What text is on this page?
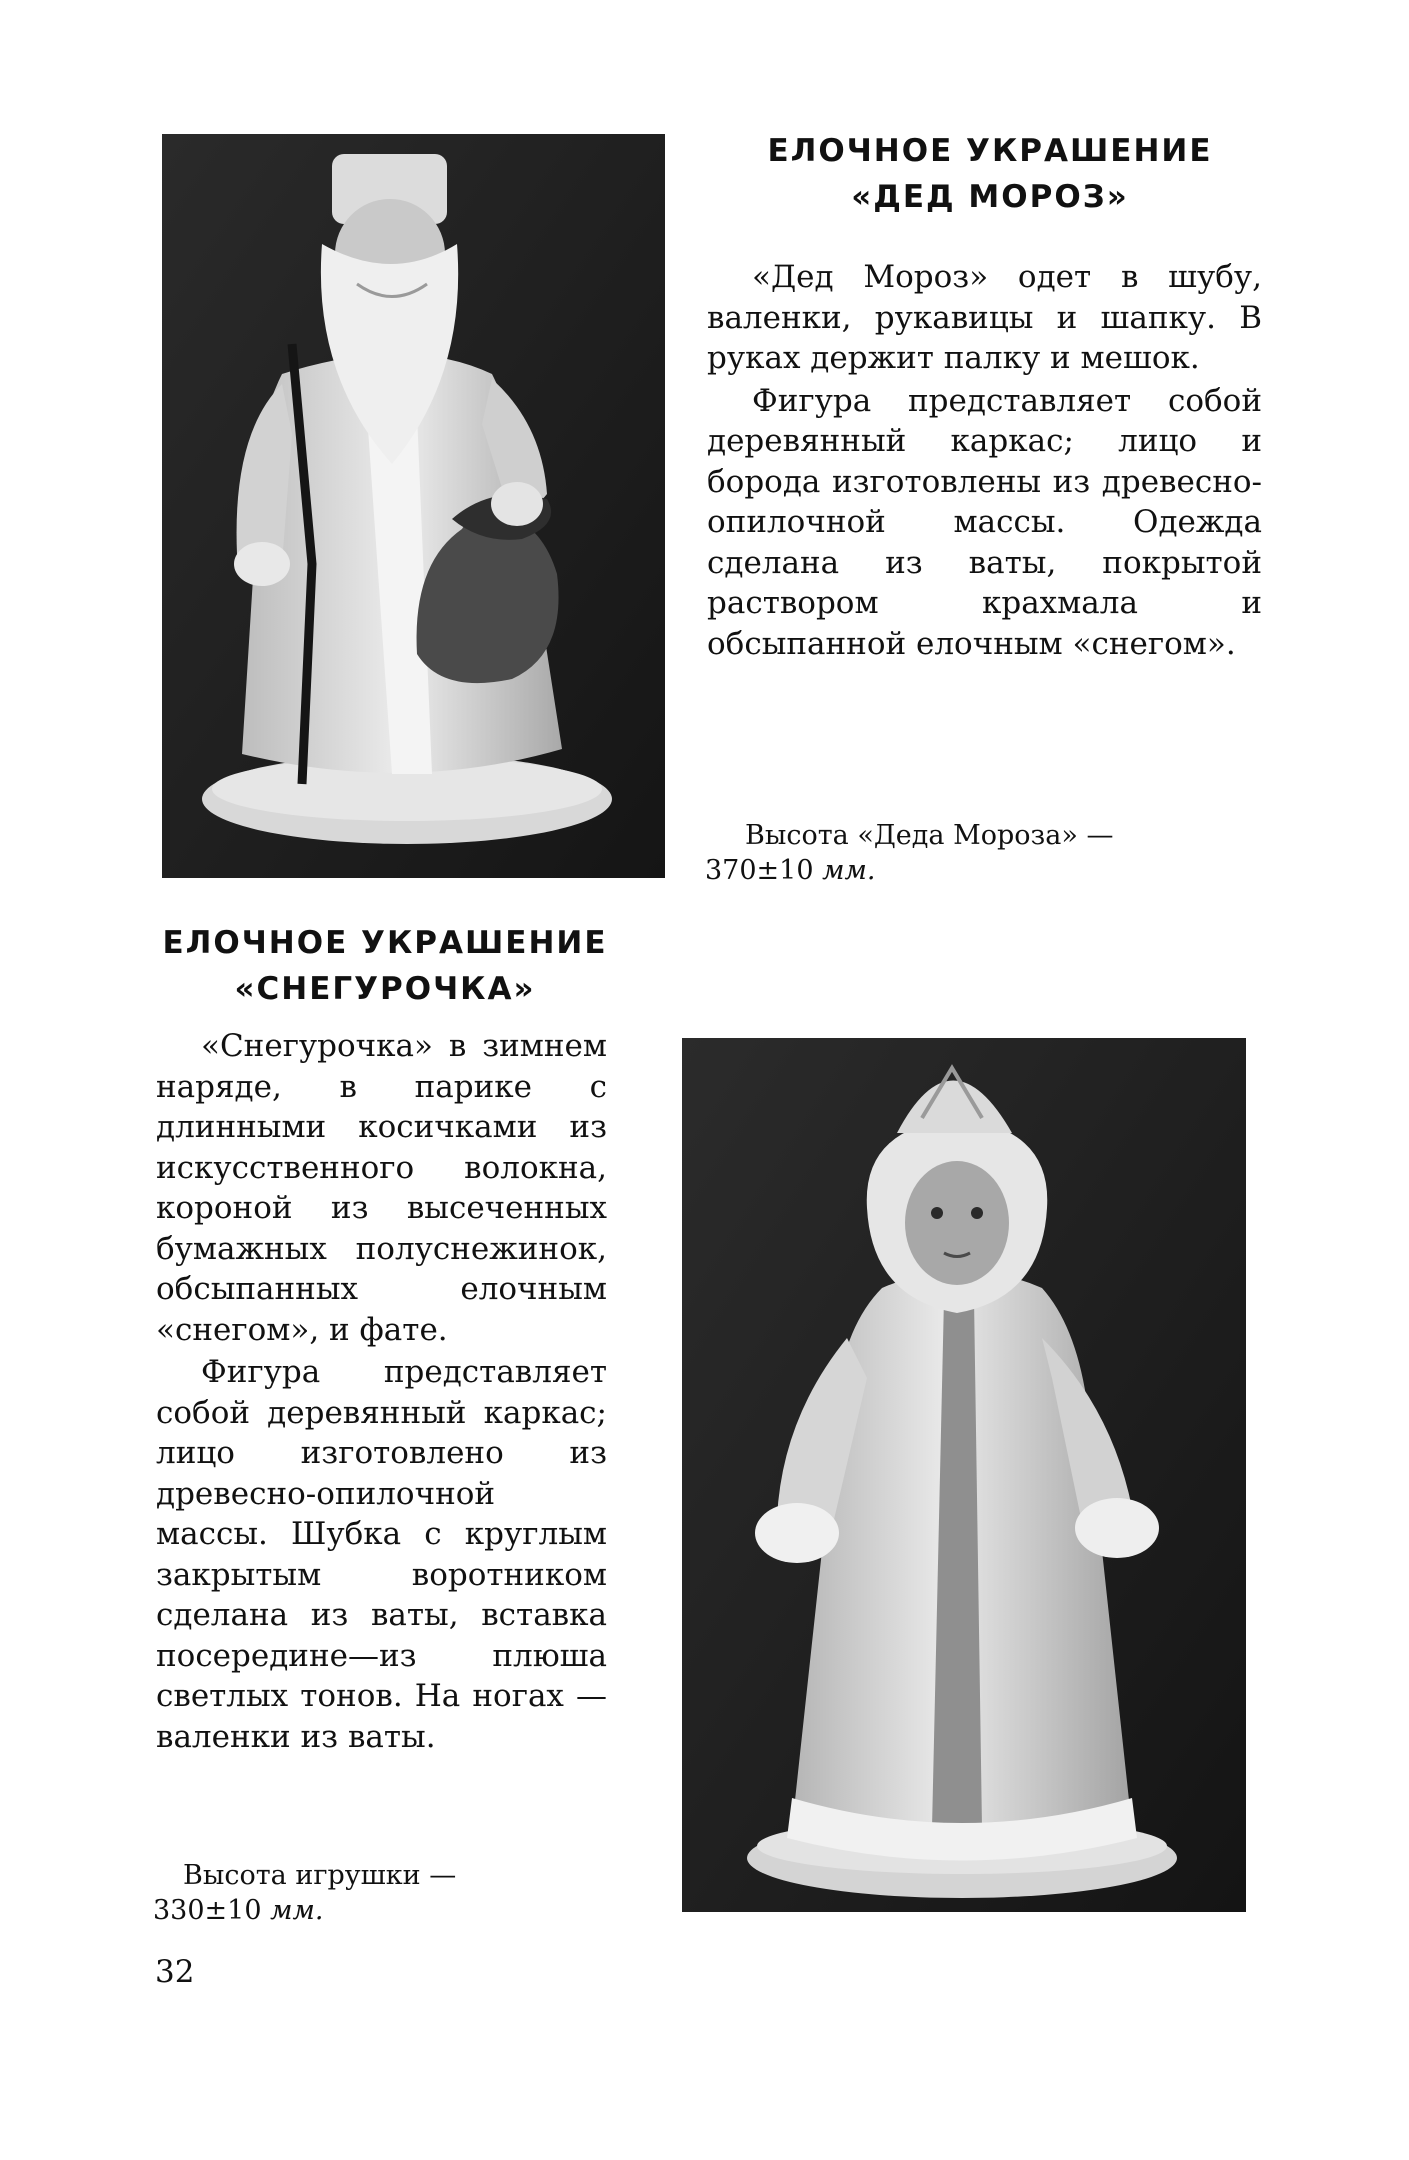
ЕЛОЧНОЕ УКРАШЕНИЕ
«ДЕД МОРОЗ»

«Дед Мороз» одет в шубу, валенки, рукавицы и шапку. В руках держит палку и мешок.

Фигура представляет собой деревянный каркас; лицо и борода изготовлены из древесно-опилочной массы. Одежда сделана из ваты, покрытой раствором крахмала и обсыпанной елочным «снегом».

Высота «Деда Мороза» —
370±10 мм.
ЕЛОЧНОЕ УКРАШЕНИЕ
«СНЕГУРОЧКА»

«Снегурочка» в зимнем наряде, в парике с длинными косичками из искусственного волокна, короной из высеченных бумажных полуснежинок, обсыпанных елочным «снегом», и фате.

Фигура представляет собой деревянный каркас; лицо изготовлено из древесно-опилочной массы. Шубка с круглым закрытым воротником сделана из ваты, вставка посередине—из плюша светлых тонов. На ногах — валенки из ваты.

Высота игрушки —
330±10 мм.
32
